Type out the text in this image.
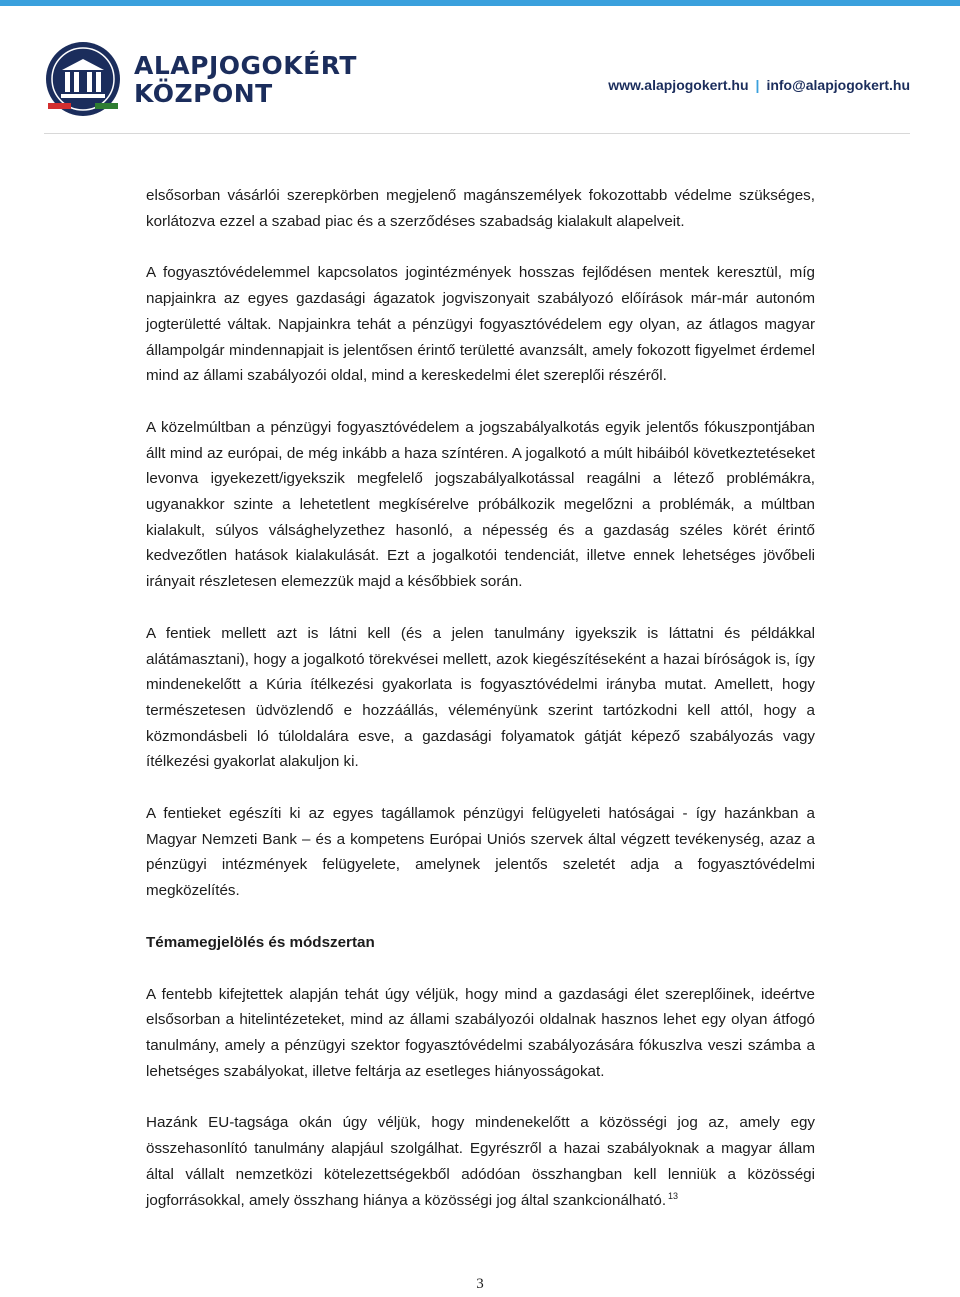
ALAPJOGOKÉRT
KÖZPONT	www.alapjogokert.hu | info@alapjogokert.hu

elsősorban vásárlói szerepkörben megjelenő magánszemélyek fokozottabb védelme szükséges, korlátozva ezzel a szabad piac és a szerződéses szabadság kialakult alapelveit.

A fogyasztóvédelemmel kapcsolatos jogintézmények hosszas fejlődésen mentek keresztül, míg napjainkra az egyes gazdasági ágazatok jogviszonyait szabályozó előírások már-már autonóm jogterületté váltak. Napjainkra tehát a pénzügyi fogyasztóvédelem egy olyan, az átlagos magyar állampolgár mindennapjait is jelentősen érintő területté avanzsált, amely fokozott figyelmet érdemel mind az állami szabályozói oldal, mind a kereskedelmi élet szereplői részéről.

A közelmúltban a pénzügyi fogyasztóvédelem a jogszabályalkotás egyik jelentős fókuszpontjában állt mind az európai, de még inkább a haza színtéren. A jogalkotó a múlt hibáiból következtetéseket levonva igyekezett/igyekszik megfelelő jogszabályalkotással reagálni a létező problémákra, ugyanakkor szinte a lehetetlent megkísérelve próbálkozik megelőzni a problémák, a múltban kialakult, súlyos válsághelyzethez hasonló, a népesség és a gazdaság széles körét érintő kedvezőtlen hatások kialakulását. Ezt a jogalkotói tendenciát, illetve ennek lehetséges jövőbeli irányait részletesen elemezzük majd a későbbiek során.

A fentiek mellett azt is látni kell (és a jelen tanulmány igyekszik is láttatni és példákkal alátámasztani), hogy a jogalkotó törekvései mellett, azok kiegészítéseként a hazai bíróságok is, így mindenekelőtt a Kúria ítélkezési gyakorlata is fogyasztóvédelmi irányba mutat. Amellett, hogy természetesen üdvözlendő e hozzáállás, véleményünk szerint tartózkodni kell attól, hogy a közmondásbeli ló túloldalára esve, a gazdasági folyamatok gátját képező szabályozás vagy ítélkezési gyakorlat alakuljon ki.

A fentieket egészíti ki az egyes tagállamok pénzügyi felügyeleti hatóságai - így hazánkban a Magyar Nemzeti Bank – és a kompetens Európai Uniós szervek által végzett tevékenység, azaz a pénzügyi intézmények felügyelete, amelynek jelentős szeletét adja a fogyasztóvédelmi megközelítés.

Témamegjelölés és módszertan

A fentebb kifejtettek alapján tehát úgy véljük, hogy mind a gazdasági élet szereplőinek, ideértve elsősorban a hitelintézeteket, mind az állami szabályozói oldalnak hasznos lehet egy olyan átfogó tanulmány, amely a pénzügyi szektor fogyasztóvédelmi szabályozására fókuszlva veszi számba a lehetséges szabályokat, illetve feltárja az esetleges hiányosságokat.

Hazánk EU-tagsága okán úgy véljük, hogy mindenekelőtt a közösségi jog az, amely egy összehasonlító tanulmány alapjául szolgálhat. Egyrészről a hazai szabályoknak a magyar állam által vállalt nemzetközi kötelezettségekből adódóan összhangban kell lenniük a közösségi jogforrásokkal, amely összhang hiánya a közösségi jog által szankcionálható. $^{13}$

3
